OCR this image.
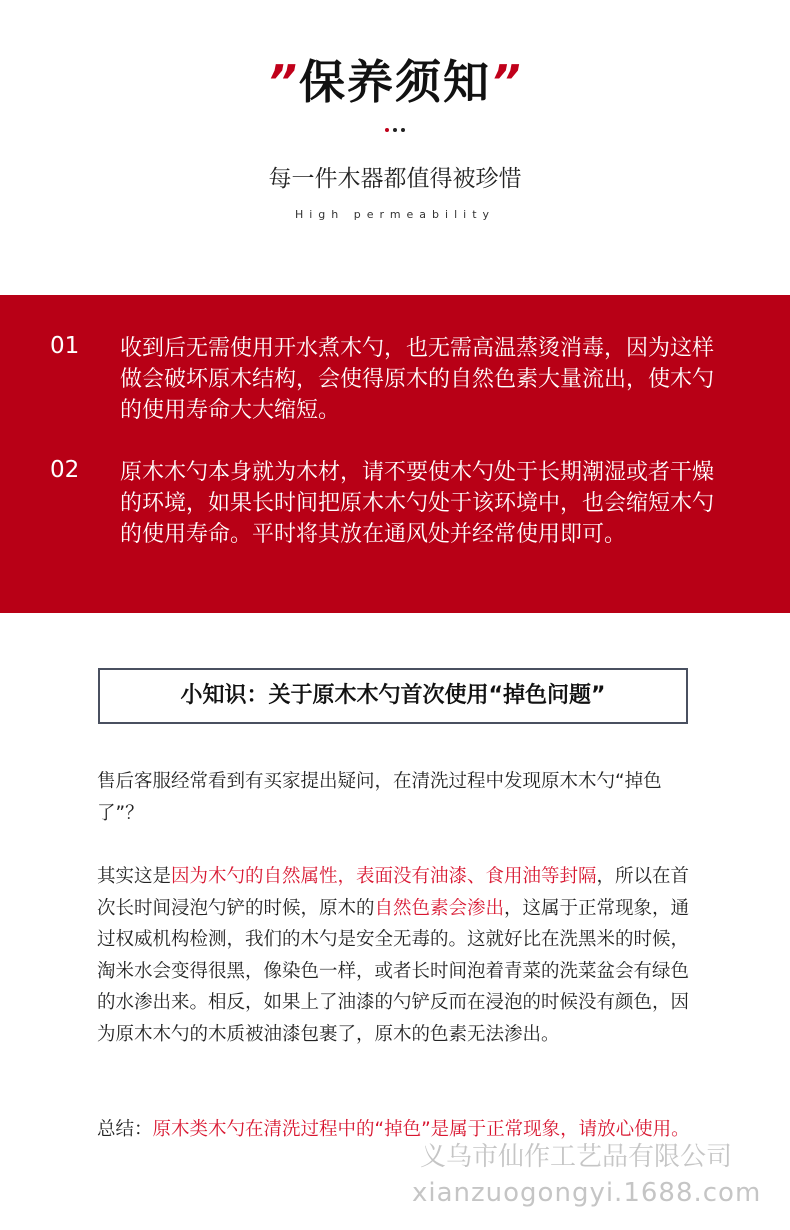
”保养须知”
每一件木器都值得被珍惜
High permeability
01 收到后无需使用开水煮木勺，也无需高温蒸烫消毒，因为这样做会破坏原木结构，会使得原木的自然色素大量流出，使木勺的使用寿命大大缩短。
02 原木木勺本身就为木材，请不要使木勺处于长期潮湿或者干燥的环境，如果长时间把原木木勺处于该环境中，也会缩短木勺的使用寿命。平时将其放在通风处并经常使用即可。
小知识：关于原木木勺首次使用“掉色问题”
售后客服经常看到有买家提出疑问，在清洗过程中发现原木木勺“掉色了”？
其实这是因为木勺的自然属性，表面没有油漆、食用油等封隔，所以在首次长时间浸泡勺铲的时候，原木的自然色素会渗出，这属于正常现象，通过权威机构检测，我们的木勺是安全无毒的。这就好比在洗黑米的时候，淘米水会变得很黑，像染色一样，或者长时间泡着青菜的洗菜盆会有绿色的水渗出来。相反，如果上了油漆的勺铲反而在浸泡的时候没有颜色，因为原木木勺的木质被油漆包裹了，原木的色素无法渗出。
总结：原木类木勺在清洗过程中的“掉色”是属于正常现象，请放心使用。
义乌市仙作工艺品有限公司
xianzuogongyi.1688.com
